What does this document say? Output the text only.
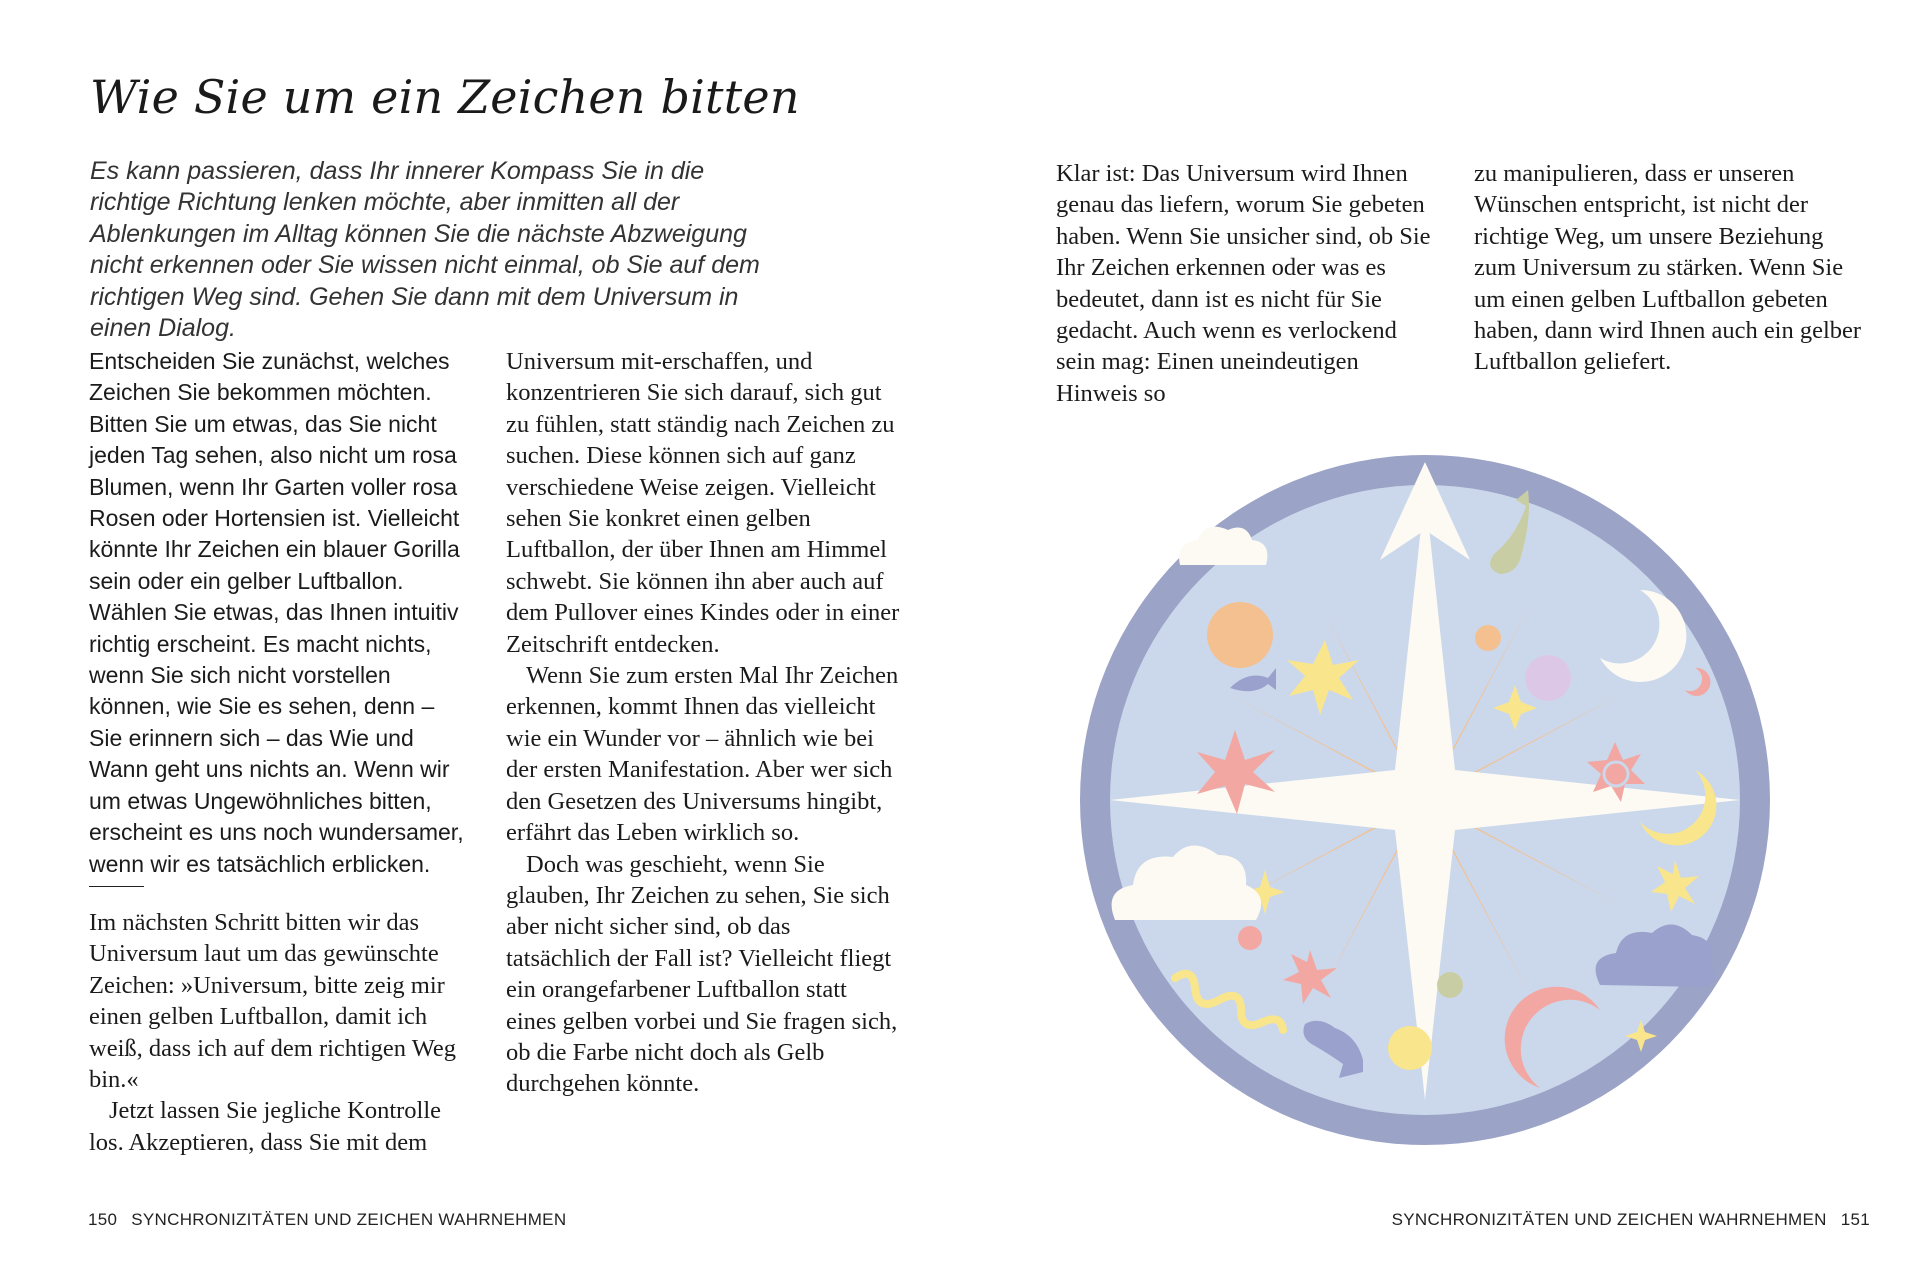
Wie Sie um ein Zeichen bitten

Es kann passieren, dass Ihr innerer Kompass Sie in die richtige Richtung lenken möchte, aber inmitten all der Ablenkungen im Alltag können Sie die nächste Abzweigung nicht erkennen oder Sie wissen nicht einmal, ob Sie auf dem richtigen Weg sind. Gehen Sie dann mit dem Universum in einen Dialog.

Entscheiden Sie zunächst, welches Zeichen Sie bekommen möchten. Bitten Sie um etwas, das Sie nicht jeden Tag sehen, also nicht um rosa Blumen, wenn Ihr Garten voller rosa Rosen oder Hortensien ist. Vielleicht könnte Ihr Zeichen ein blauer Gorilla sein oder ein gelber Luftballon. Wählen Sie etwas, das Ihnen intuitiv richtig erscheint. Es macht nichts, wenn Sie sich nicht vorstellen können, wie Sie es sehen, denn – Sie erinnern sich – das Wie und Wann geht uns nichts an. Wenn wir um etwas Ungewöhnliches bitten, erscheint es uns noch wundersamer, wenn wir es tatsächlich erblicken.

Im nächsten Schritt bitten wir das Universum laut um das gewünschte Zeichen: »Universum, bitte zeig mir einen gelben Luftballon, damit ich weiß, dass ich auf dem richtigen Weg bin.«

Jetzt lassen Sie jegliche Kontrolle los. Akzeptieren, dass Sie mit dem

Universum mit-erschaffen, und konzentrieren Sie sich darauf, sich gut zu fühlen, statt ständig nach Zeichen zu suchen. Diese können sich auf ganz verschiedene Weise zeigen. Vielleicht sehen Sie konkret einen gelben Luftballon, der über Ihnen am Himmel schwebt. Sie können ihn aber auch auf dem Pullover eines Kindes oder in einer Zeitschrift entdecken.

Wenn Sie zum ersten Mal Ihr Zeichen erkennen, kommt Ihnen das vielleicht wie ein Wunder vor – ähnlich wie bei der ersten Manifestation. Aber wer sich den Gesetzen des Universums hingibt, erfährt das Leben wirklich so.

Doch was geschieht, wenn Sie glauben, Ihr Zeichen zu sehen, Sie sich aber nicht sicher sind, ob das tatsächlich der Fall ist? Vielleicht fliegt ein orangefarbener Luftballon statt eines gelben vorbei und Sie fragen sich, ob die Farbe nicht doch als Gelb durchgehen könnte.

Klar ist: Das Universum wird Ihnen genau das liefern, worum Sie gebeten haben. Wenn Sie unsicher sind, ob Sie Ihr Zeichen erkennen oder was es bedeutet, dann ist es nicht für Sie gedacht. Auch wenn es verlockend sein mag: Einen uneindeutigen Hinweis so

zu manipulieren, dass er unseren Wünschen entspricht, ist nicht der richtige Weg, um unsere Beziehung zum Universum zu stärken. Wenn Sie um einen gelben Luftballon gebeten haben, dann wird Ihnen auch ein gelber Luftballon geliefert.

150 SYNCHRONIZITÄTEN UND ZEICHEN WAHRNEHMEN	SYNCHRONIZITÄTEN UND ZEICHEN WAHRNEHMEN 151
